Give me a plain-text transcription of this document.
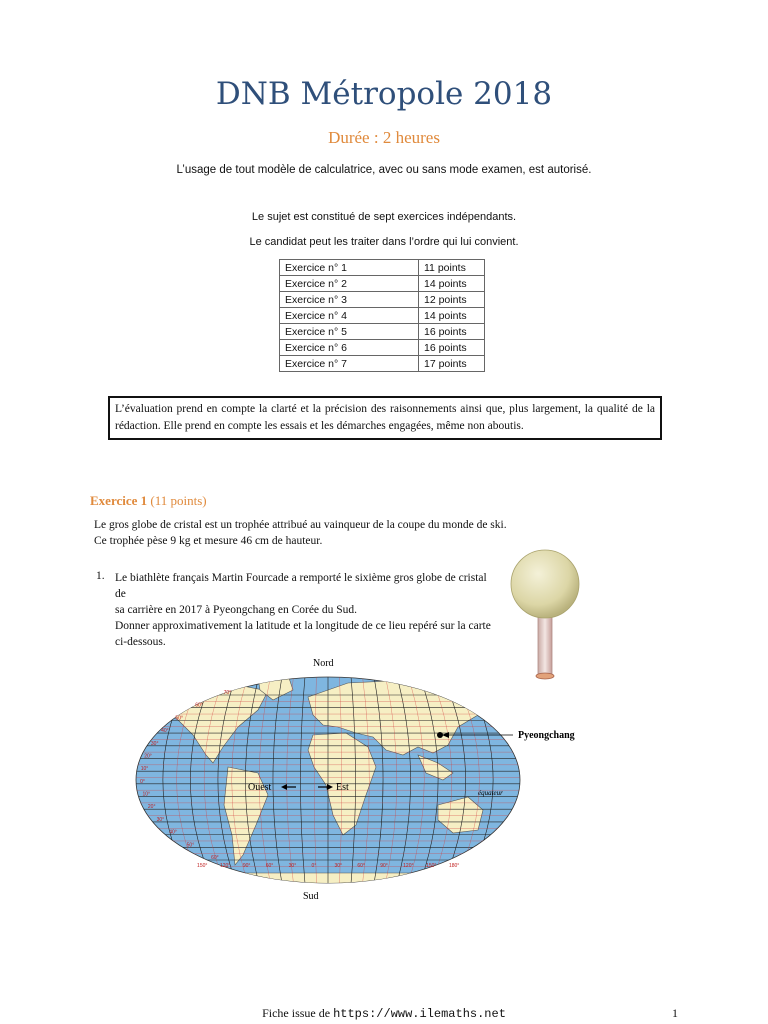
DNB Métropole 2018
Durée : 2 heures
L’usage de tout modèle de calculatrice, avec ou sans mode examen, est autorisé.
Le sujet est constitué de sept exercices indépendants.
Le candidat peut les traiter dans l’ordre qui lui convient.
Exercice n° 1	11 points
Exercice n° 2	14 points
Exercice n° 3	12 points
Exercice n° 4	14 points
Exercice n° 5	16 points
Exercice n° 6	16 points
Exercice n° 7	17 points
L’évaluation prend en compte la clarté et la précision des raisonnements ainsi que, plus largement, la qualité de la rédaction. Elle prend en compte les essais et les démarches engagées, même non aboutis.
Exercice 1 (11 points)
Le gros globe de cristal est un trophée attribué au vainqueur de la coupe du monde de ski.
Ce trophée pèse 9 kg et mesure 46 cm de hauteur.
1. Le biathlète français Martin Fourcade a remporté le sixième gros globe de cristal de
sa carrière en 2017 à Pyeongchang en Corée du Sud.
Donner approximativement la latitude et la longitude de ce lieu repéré sur la carte
ci-dessous.
Nord
Sud
70°
60°
50°
40°
30°
20°
10°
0°
10°
20°
30°
40°
50°
60°
150°	120°	90°	60°	30°	0°	30°	60°	90°	120°	150°	180°
Ouest	Est	équateur
Pyeongchang
Fiche issue de https://www.ilemaths.net	1
